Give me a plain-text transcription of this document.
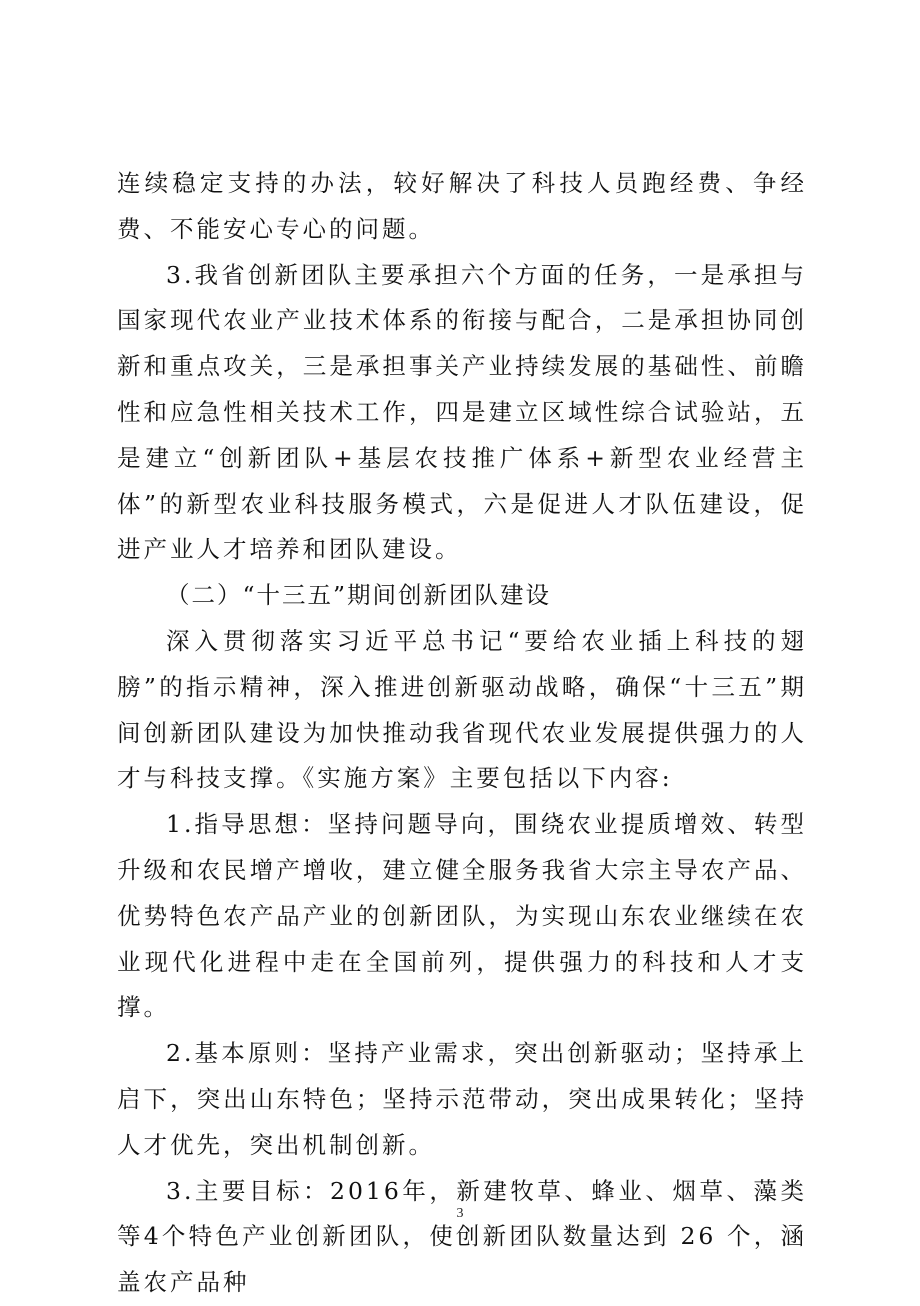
连续稳定支持的办法，较好解决了科技人员跑经费、争经费、不能安心专心的问题。

3.我省创新团队主要承担六个方面的任务，一是承担与国家现代农业产业技术体系的衔接与配合，二是承担协同创新和重点攻关，三是承担事关产业持续发展的基础性、前瞻性和应急性相关技术工作，四是建立区域性综合试验站，五是建立“创新团队+基层农技推广体系+新型农业经营主体”的新型农业科技服务模式，六是促进人才队伍建设，促进产业人才培养和团队建设。

（二）“十三五”期间创新团队建设

深入贯彻落实习近平总书记“要给农业插上科技的翅膀”的指示精神，深入推进创新驱动战略，确保“十三五”期间创新团队建设为加快推动我省现代农业发展提供强力的人才与科技支撑。《实施方案》主要包括以下内容:

1.指导思想：坚持问题导向，围绕农业提质增效、转型升级和农民增产增收，建立健全服务我省大宗主导农产品、优势特色农产品产业的创新团队，为实现山东农业继续在农业现代化进程中走在全国前列，提供强力的科技和人才支撑。

2.基本原则：坚持产业需求，突出创新驱动；坚持承上启下，突出山东特色；坚持示范带动，突出成果转化；坚持人才优先，突出机制创新。

3.主要目标：2016年，新建牧草、蜂业、烟草、藻类等4个特色产业创新团队，使创新团队数量达到 26 个，涵盖农产品种

3
